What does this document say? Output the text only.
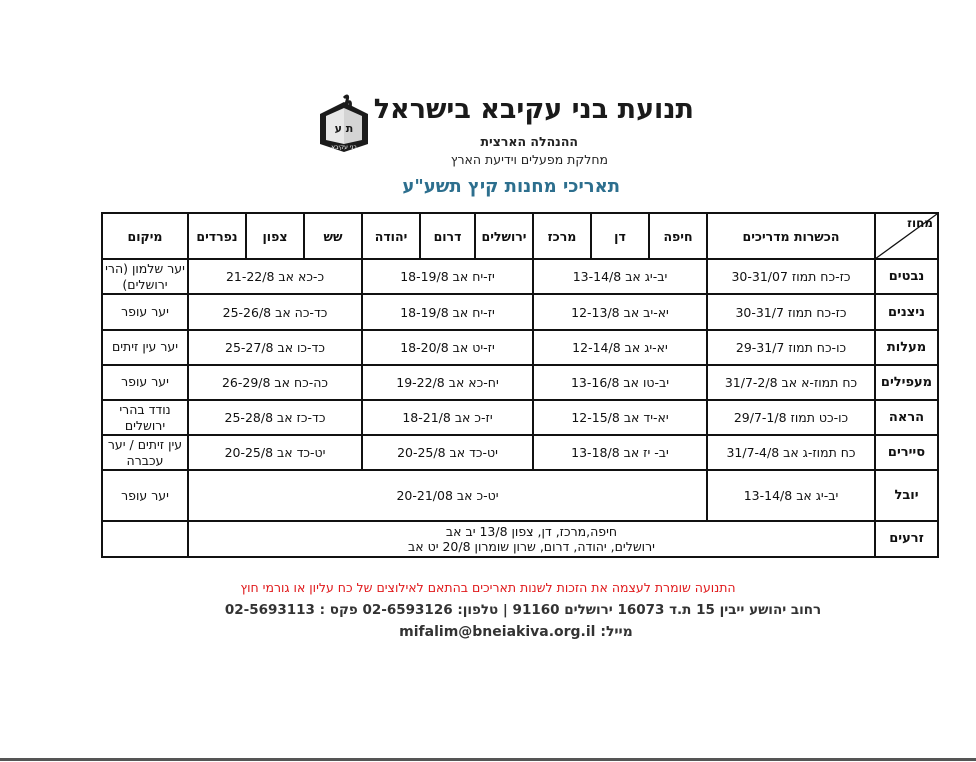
ת ע
בני עקיבא
תנועת בני עקיבא בישראל
ההנהלה הארצית
מחלקת מפעלים וידיעת הארץ
תאריכי מחנות קיץ תשע"ע
מיקום	נפרדים	צפון	שש	יהודה	דרום	ירושלים	מרכז	דן	חיפה	הכשרות מדריכים	מחוז

יער שלמון (הרי ירושלים)	כ-כא אב 21-22/8			יז-יח אב 18-19/8			יב-יג אב 13-14/8			כז-כח תמוז 30-31/07	נבטים
יער עופר	כד-כה אב 25-26/8			יז-יח אב 18-19/8			יא-יב אב 12-13/8			כז-כח תמוז 30-31/7	ניצנים
יער עין זיתים	כד-כו אב 25-27/8			יז-יט אב 18-20/8			יא-יג אב 12-14/8			כו-כח תמוז 29-31/7	מעלות
יער עופר	כה-כח אב 26-29/8			יח-כא אב 19-22/8			יב-טו אב 13-16/8			כח תמוז-א אב 31/7-2/8	מעפילים
נודד בהרי ירושלים	כד-כז אב 25-28/8			יז-כ אב 18-21/8			יא-יד אב 12-15/8			כו-כט תמוז 29/7-1/8	הראה
עין זיתים / יער עכברה	יט-כד אב 20-25/8			יט-כד אב 20-25/8			יב- יז אב 13-18/8			כח תמוז-ג אב 31/7-4/8	סיירים
יער עופר	יט-כ אב 20-21/08									יב-יג אב 13-14/8	יובל

	חיפה,מרכז, דן, צפון 13/8 יב אב
ירושלים, יהודה, דרום, שרון שומרון 20/8 יט אב										זרעים
התנועה שומרת לעצמה את הזכות לשנות תאריכים בהתאם לאילוצים של כח עליון או גורמי חוץ
רחוב יהושע ייבין 15 ת.ד 16073 ירושלים 91160 | טלפון: 02-6593126 פקס : 02-5693113
מייל: mifalim@bneiakiva.org.il
